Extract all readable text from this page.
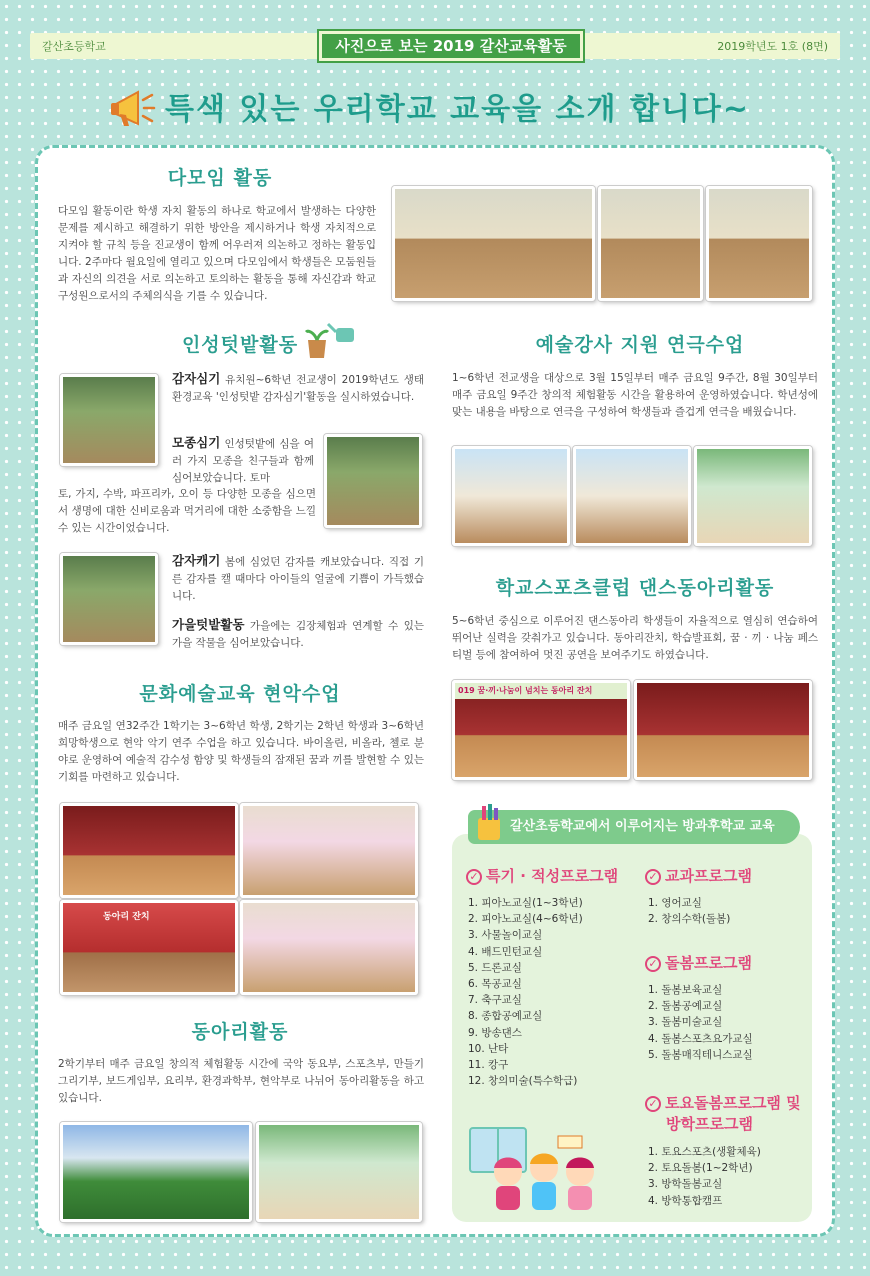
갈산초등학교	사진으로 보는 2019 갈산교육활동	2019학년도 1호 (8면)
특색 있는 우리학교 교육을 소개 합니다~
다모임 활동
다모임 활동이란 학생 자치 활동의 하나로 학교에서 발생하는 다양한 문제를 제시하고 해결하기 위한 방안을 제시하거나 학생 자치적으로 지켜야 할 규칙 등을 진교생이 함께 어우러져 의논하고 정하는 활동입니다. 2주마다 월요일에 열리고 있으며 다모임에서 학생들은 모둠원들과 자신의 의견을 서로 의논하고 토의하는 활동을 통해 자신감과 학교구성원으로서의 주체의식을 기를 수 있습니다.
인성텃밭활동
감자심기 유치원~6학년 전교생이 2019학년도 생태환경교육 '인성텃밭 감자심기'활동을 실시하였습니다.
모종심기 인성텃밭에 심을 여러 가지 모종을 친구들과 함께 심어보았습니다. 토마
토, 가지, 수박, 파프리카, 오이 등 다양한 모종을 심으면서 생명에 대한 신비로움과 먹거리에 대한 소중함을 느낄 수 있는 시간이었습니다.
감자캐기 봄에 심었던 감자를 캐보았습니다. 직접 기른 감자를 캘 때마다 아이들의 얼굴에 기쁨이 가득했습니다.
가을텃밭활동 가을에는 김장체험과 연계할 수 있는 가을 작물을 심어보았습니다.
문화예술교육 현악수업
매주 금요일 연32주간 1학기는 3~6학년 학생, 2학기는 2학년 학생과 3~6학년 희망학생으로 현악 악기 연주 수업을 하고 있습니다. 바이올린, 비올라, 첼로 분야로 운영하여 예술적 감수성 함양 및 학생들의 잠재된 꿈과 끼를 발현할 수 있는 기회를 마련하고 있습니다.
동아리 잔치
동아리활동
2학기부터 매주 금요일 창의적 체험활동 시간에 국악 동요부, 스포츠부, 만들기그리기부, 보드게임부, 요리부, 환경과학부, 현악부로 나뉘어 동아리활동을 하고 있습니다.
예술강사 지원 연극수업
1~6학년 전교생을 대상으로 3월 15일부터 매주 금요일 9주간, 8월 30일부터 매주 금요일 9주간 창의적 체험활동 시간을 활용하여 운영하였습니다. 학년성에 맞는 내용을 바탕으로 연극을 구성하여 학생들과 즐겁게 연극을 배웠습니다.
학교스포츠클럽 댄스동아리활동
5~6학년 중심으로 이루어진 댄스동아리 학생들이 자율적으로 열심히 연습하여 뛰어난 실력을 갖춰가고 있습니다. 동아리잔치, 학습발표회, 꿈 · 끼 · 나눔 페스티벌 등에 참여하여 멋진 공연을 보여주기도 하였습니다.
019 꿈·끼·나눔이 넘치는 동아리 잔치
갈산초등학교에서 이루어지는 방과후학교 교육
✓ 특기 · 적성프로그램
1. 피아노교실(1~3학년)
2. 피아노교실(4~6학년)
3. 사물놀이교실
4. 배드민턴교실
5. 드론교실
6. 목공교실
7. 축구교실
8. 종합공예교실
9. 방송댄스
10. 난타
11. 캉구
12. 창의미술(특수학급)
✓ 교과프로그램
1. 영어교실
2. 창의수학(돌봄)
✓ 돌봄프로그램
1. 돌봄보육교실
2. 돌봄공예교실
3. 돌봄미술교실
4. 돌봄스포츠요가교실
5. 돌봄매직테니스교실
✓ 토요돌봄프로그램 및
방학프로그램
1. 토요스포츠(생활체육)
2. 토요돌봄(1~2학년)
3. 방학돌봄교실
4. 방학통합캠프
